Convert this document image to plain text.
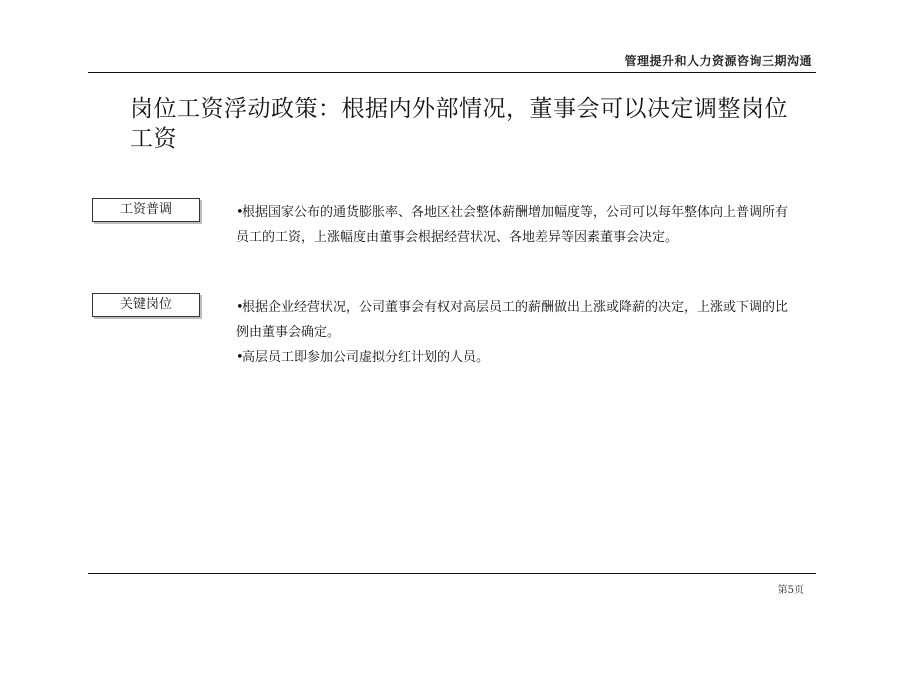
管理提升和人力资源咨询三期沟通
岗位工资浮动政策：根据内外部情况，董事会可以决定调整岗位工资
工资普调	•根据国家公布的通货膨胀率、各地区社会整体薪酬增加幅度等，公司可以每年整体向上普调所有员工的工资，上涨幅度由董事会根据经营状况、各地差异等因素董事会决定。

关键岗位	•根据企业经营状况，公司董事会有权对高层员工的薪酬做出上涨或降薪的决定，上涨或下调的比例由董事会确定。

•高层员工即参加公司虚拟分红计划的人员。

第5页
